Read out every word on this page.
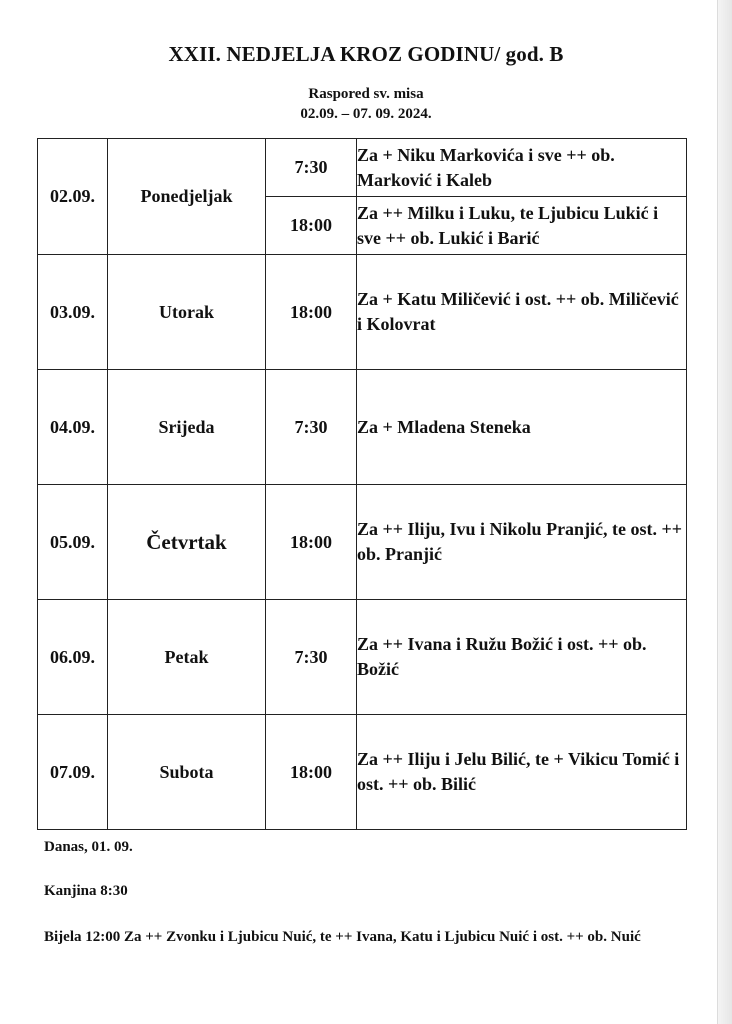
XXII. NEDJELJA KROZ GODINU/ god. B
Raspored sv. misa
02.09. – 07. 09. 2024.
02.09.	Ponedjeljak	7:30	Za + Niku Markovića i sve ++ ob. Marković i Kaleb
		18:00	Za ++ Milku i Luku, te Ljubicu Lukić i sve ++ ob. Lukić i Barić
03.09.	Utorak	18:00	Za + Katu Miličević i ost. ++ ob. Miličević i Kolovrat
04.09.	Srijeda	7:30	Za + Mladena Steneka
05.09.	Četvrtak	18:00	Za ++ Iliju, Ivu i Nikolu Pranjić, te ost. ++ ob. Pranjić
06.09.	Petak	7:30	Za ++ Ivana i Ružu Božić i ost. ++ ob. Božić
07.09.	Subota	18:00	Za ++ Iliju i Jelu Bilić, te + Vikicu Tomić i ost. ++ ob. Bilić
Danas, 01. 09.
Kanjina 8:30
Bijela 12:00 Za ++ Zvonku i Ljubicu Nuić, te ++ Ivana, Katu i Ljubicu Nuić i ost. ++ ob. Nuić
